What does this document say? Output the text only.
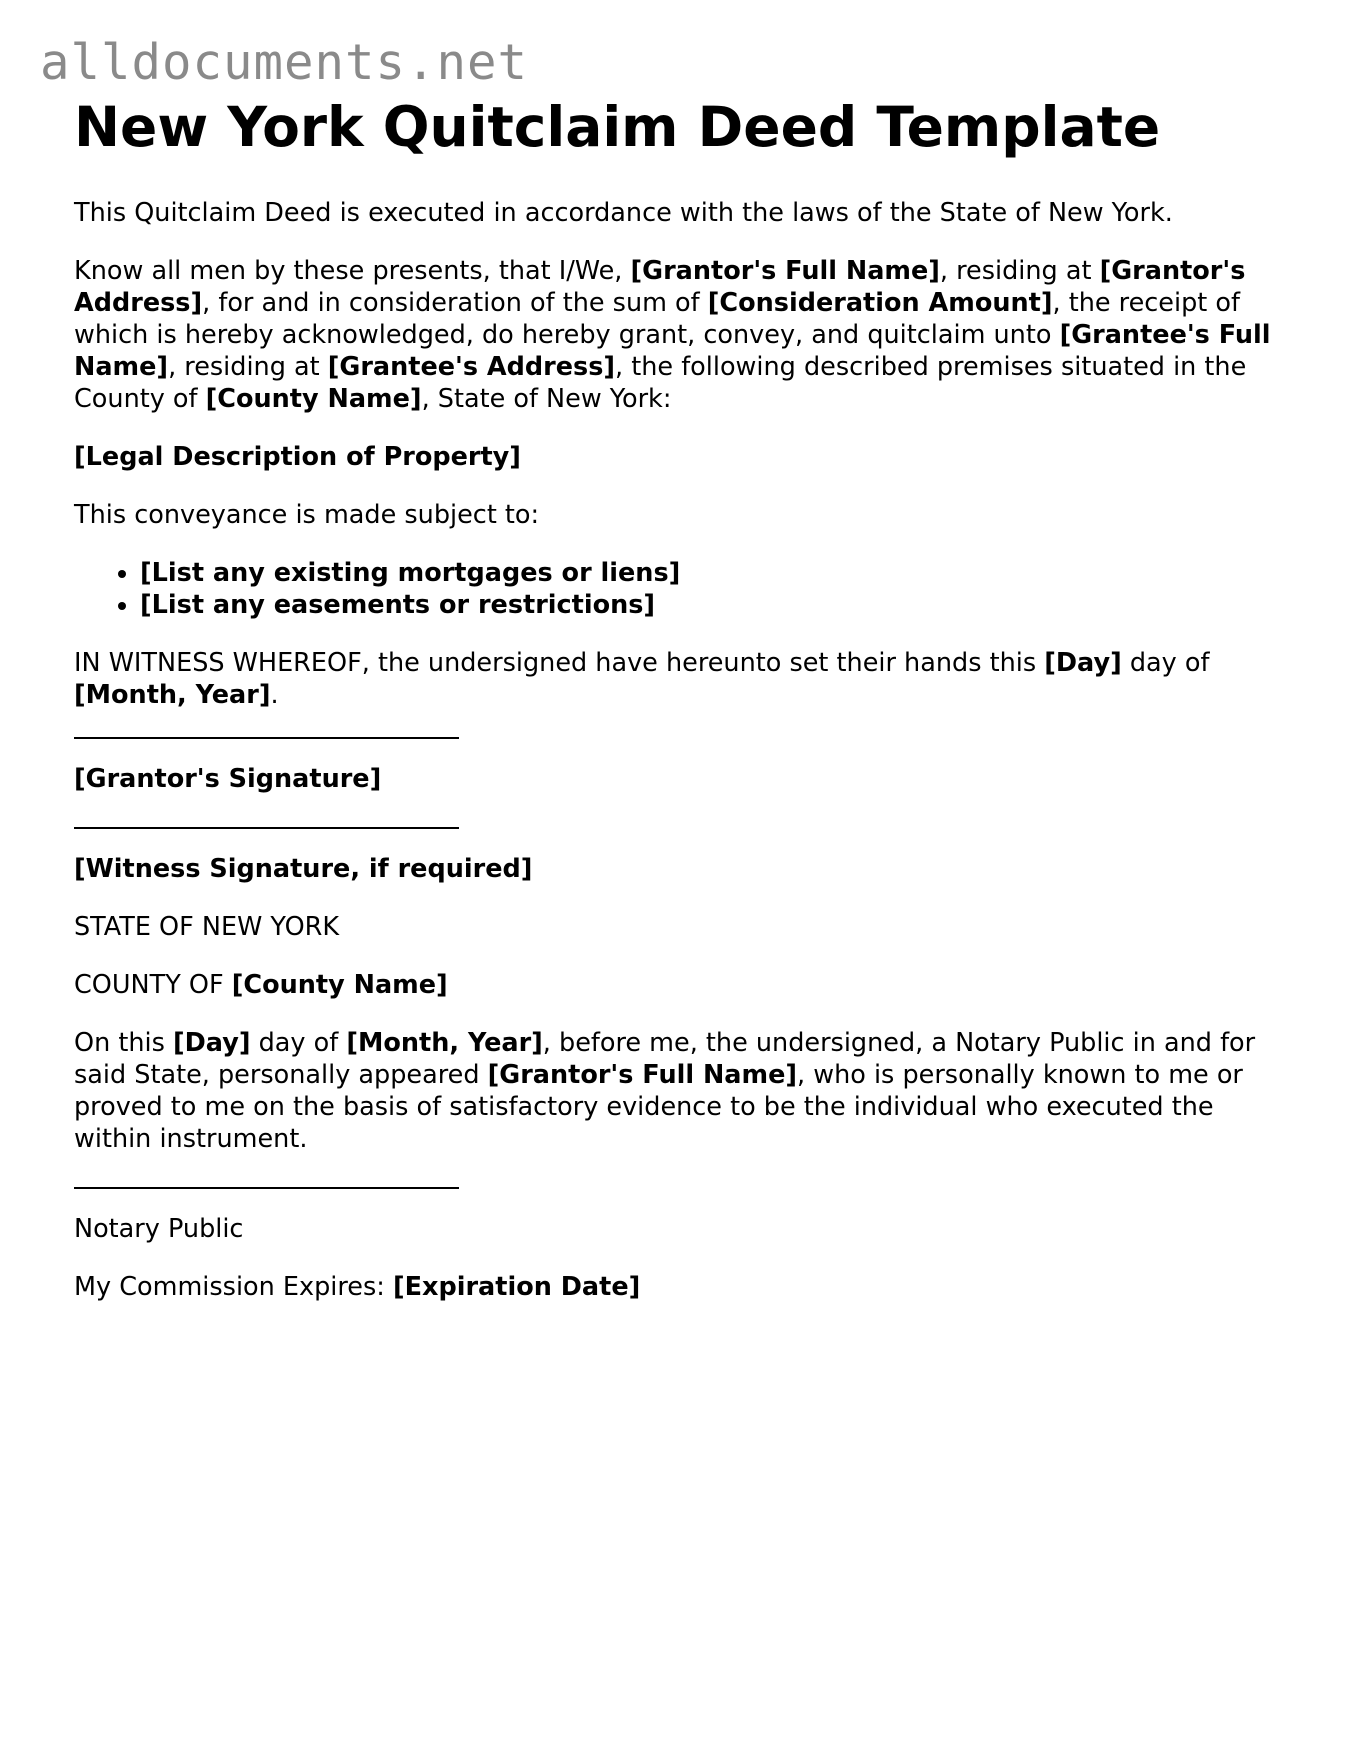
alldocuments.net
New York Quitclaim Deed Template

This Quitclaim Deed is executed in accordance with the laws of the State of New York.

Know all men by these presents, that I/We, [Grantor's Full Name], residing at [Grantor's Address], for and in consideration of the sum of [Consideration Amount], the receipt of which is hereby acknowledged, do hereby grant, convey, and quitclaim unto [Grantee's Full Name], residing at [Grantee's Address], the following described premises situated in the County of [County Name], State of New York:

[Legal Description of Property]

This conveyance is made subject to:

• [List any existing mortgages or liens]
• [List any easements or restrictions]

IN WITNESS WHEREOF, the undersigned have hereunto set their hands this [Day] day of [Month, Year].

[Grantor's Signature]

[Witness Signature, if required]

STATE OF NEW YORK

COUNTY OF [County Name]

On this [Day] day of [Month, Year], before me, the undersigned, a Notary Public in and for said State, personally appeared [Grantor's Full Name], who is personally known to me or proved to me on the basis of satisfactory evidence to be the individual who executed the within instrument.

Notary Public

My Commission Expires: [Expiration Date]
